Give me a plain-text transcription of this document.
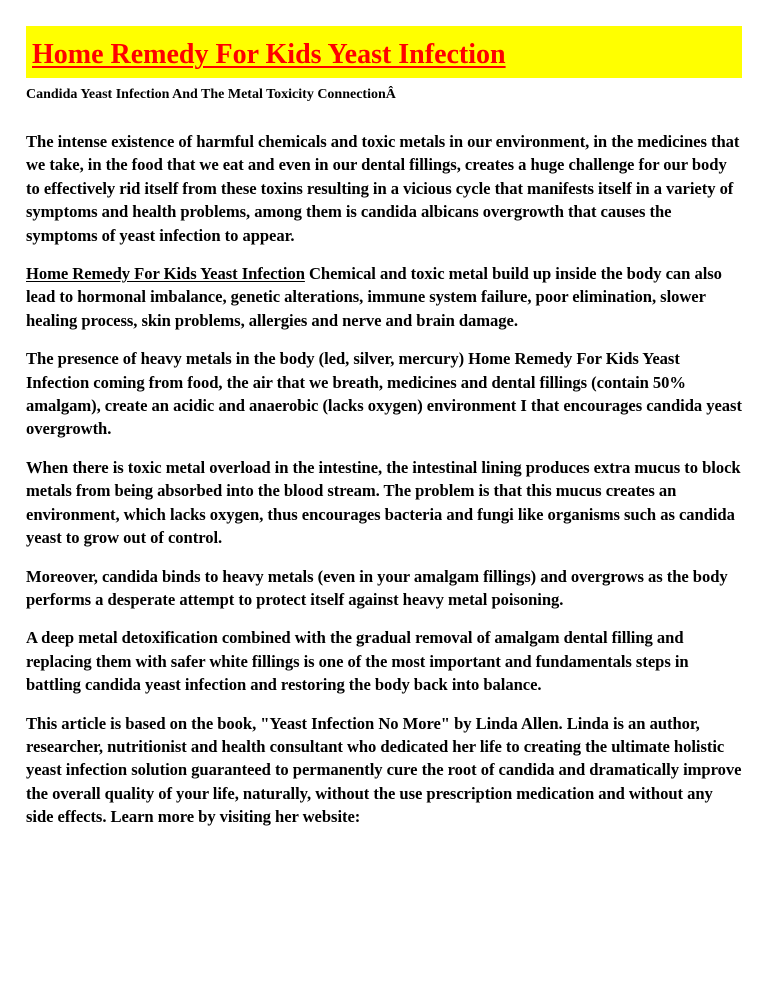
Home Remedy For Kids Yeast Infection
Candida Yeast Infection And The Metal Toxicity ConnectionÂ

The intense existence of harmful chemicals and toxic metals in our environment, in the medicines that we take, in the food that we eat and even in our dental fillings, creates a huge challenge for our body to effectively rid itself from these toxins resulting in a vicious cycle that manifests itself in a variety of symptoms and health problems, among them is candida albicans overgrowth that causes the symptoms of yeast infection to appear.

Home Remedy For Kids Yeast Infection Chemical and toxic metal build up inside the body can also lead to hormonal imbalance, genetic alterations, immune system failure, poor elimination, slower healing process, skin problems, allergies and nerve and brain damage.

The presence of heavy metals in the body (led, silver, mercury) Home Remedy For Kids Yeast Infection coming from food, the air that we breath, medicines and dental fillings (contain 50% amalgam), create an acidic and anaerobic (lacks oxygen) environment I that encourages candida yeast overgrowth.

When there is toxic metal overload in the intestine, the intestinal lining produces extra mucus to block metals from being absorbed into the blood stream. The problem is that this mucus creates an environment, which lacks oxygen, thus encourages bacteria and fungi like organisms such as candida yeast to grow out of control.

Moreover, candida binds to heavy metals (even in your amalgam fillings) and overgrows as the body performs a desperate attempt to protect itself against heavy metal poisoning.

A deep metal detoxification combined with the gradual removal of amalgam dental filling and replacing them with safer white fillings is one of the most important and fundamentals steps in battling candida yeast infection and restoring the body back into balance.

This article is based on the book, "Yeast Infection No More" by Linda Allen. Linda is an author, researcher, nutritionist and health consultant who dedicated her life to creating the ultimate holistic yeast infection solution guaranteed to permanently cure the root of candida and dramatically improve the overall quality of your life, naturally, without the use prescription medication and without any side effects. Learn more by visiting her website:
